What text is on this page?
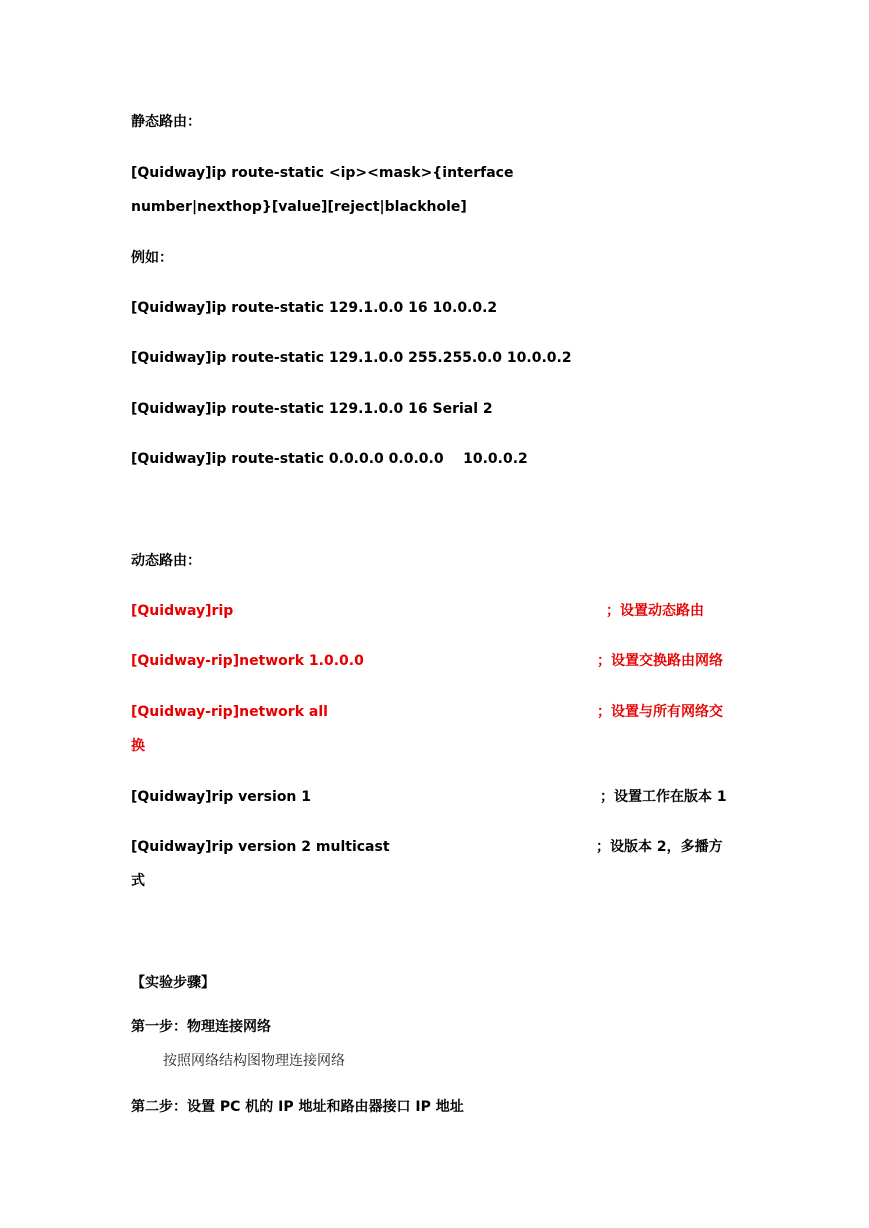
静态路由：
[Quidway]ip route-static <ip><mask>{interface
number|nexthop}[value][reject|blackhole]
例如：
[Quidway]ip route-static 129.1.0.0 16 10.0.0.2
[Quidway]ip route-static 129.1.0.0 255.255.0.0 10.0.0.2
[Quidway]ip route-static 129.1.0.0 16 Serial 2
[Quidway]ip route-static 0.0.0.0 0.0.0.0    10.0.0.2
动态路由：
[Quidway]rip	；设置动态路由
[Quidway-rip]network 1.0.0.0	；设置交换路由网络
[Quidway-rip]network all	；设置与所有网络交
换
[Quidway]rip version 1	；设置工作在版本 1
[Quidway]rip version 2 multicast	；设版本 2，多播方
式
【实验步骤】
第一步：物理连接网络
按照网络结构图物理连接网络
第二步：设置 PC 机的 IP 地址和路由器接口 IP 地址
